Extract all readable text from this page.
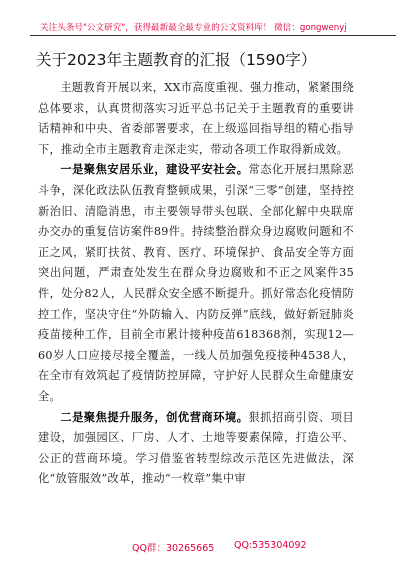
关注头条号"公文研究"，获得最新最全最专业的公文资料库！ 微信：gongwenyj
关于2023年主题教育的汇报（1590字）

主题教育开展以来，XX市高度重视、强力推动，紧紧围绕总体要求，认真贯彻落实习近平总书记关于主题教育的重要讲话精神和中央、省委部署要求，在上级巡回指导组的精心指导下，推动全市主题教育走深走实，带动各项工作取得新成效。

一是聚焦安居乐业，建设平安社会。常态化开展扫黑除恶斗争，深化政法队伍教育整顿成果，引深“三零”创建，坚持控新治旧、清隐消患，市主要领导带头包联、全部化解中央联席办交办的重复信访案件89件。持续整治群众身边腐败问题和不正之风，紧盯扶贫、教育、医疗、环境保护、食品安全等方面突出问题，严肃查处发生在群众身边腐败和不正之风案件35件，处分82人，人民群众安全感不断提升。抓好常态化疫情防控工作，坚决守住“外防输入、内防反弹”底线，做好新冠肺炎疫苗接种工作，目前全市累计接种疫苗618368剂，实现12—60岁人口应接尽接全覆盖，一线人员加强免疫接种4538人，在全市有效筑起了疫情防控屏障，守护好人民群众生命健康安全。

二是聚焦提升服务，创优营商环境。狠抓招商引资、项目建设，加强园区、厂房、人才、土地等要素保障，打造公平、公正的营商环境。学习借鉴省转型综改示范区先进做法，深化“放管服效”改革，推动“一枚章”集中审

QQ群：30265665 QQ:535304092
